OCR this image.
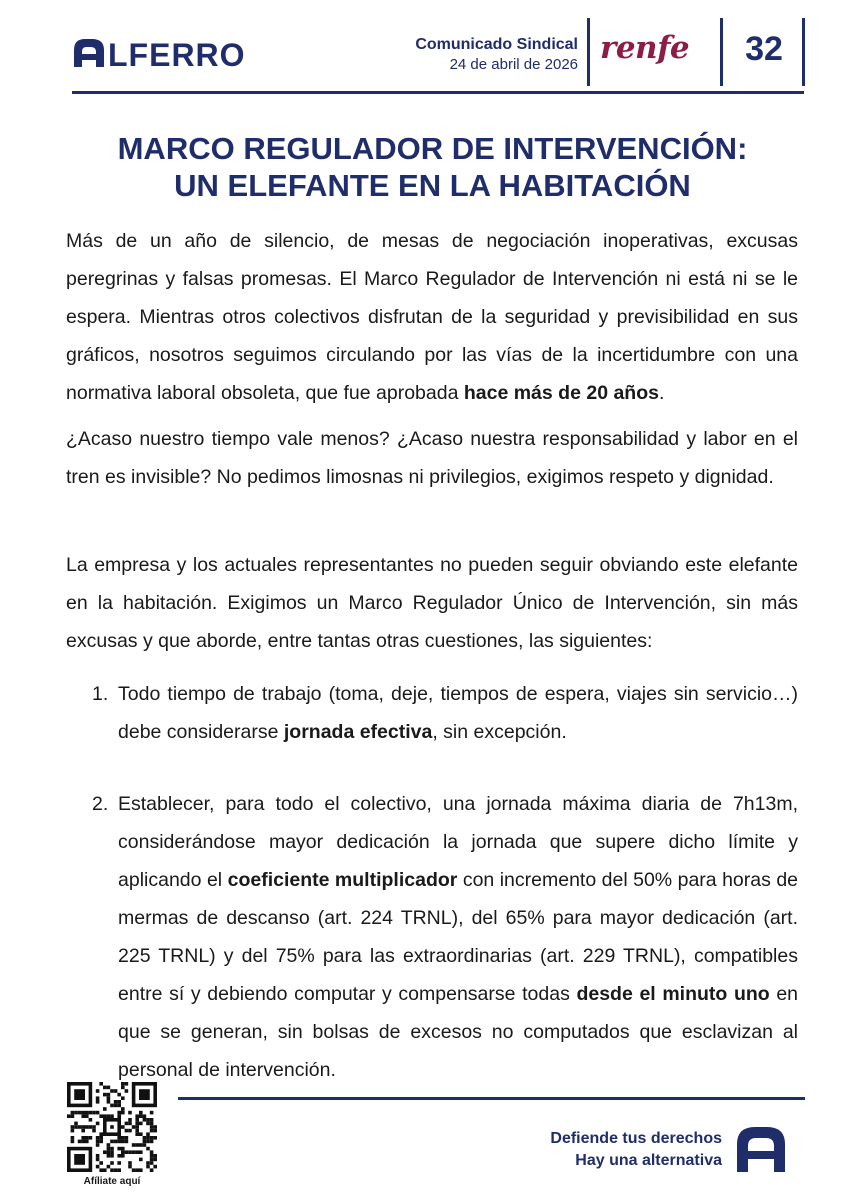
LFERRO	Comunicado Sindical
24 de abril de 2026 renfe	32
MARCO REGULADOR DE INTERVENCIÓN:
UN ELEFANTE EN LA HABITACIÓN
Más de un año de silencio, de mesas de negociación inoperativas, excusas peregrinas y falsas promesas. El Marco Regulador de Intervención ni está ni se le espera. Mientras otros colectivos disfrutan de la seguridad y previsibilidad en sus gráficos, nosotros seguimos circulando por las vías de la incertidumbre con una normativa laboral obsoleta, que fue aprobada hace más de 20 años.
¿Acaso nuestro tiempo vale menos? ¿Acaso nuestra responsabilidad y labor en el tren es invisible? No pedimos limosnas ni privilegios, exigimos respeto y dignidad.
La empresa y los actuales representantes no pueden seguir obviando este elefante en la habitación. Exigimos un Marco Regulador Único de Intervención, sin más excusas y que aborde, entre tantas otras cuestiones, las siguientes:
1. Todo tiempo de trabajo (toma, deje, tiempos de espera, viajes sin servicio…) debe considerarse jornada efectiva, sin excepción.
2. Establecer, para todo el colectivo, una jornada máxima diaria de 7h13m, considerándose mayor dedicación la jornada que supere dicho límite y aplicando el coeficiente multiplicador con incremento del 50% para horas de mermas de descanso (art. 224 TRNL), del 65% para mayor dedicación (art. 225 TRNL) y del 75% para las extraordinarias (art. 229 TRNL), compatibles entre sí y debiendo computar y compensarse todas desde el minuto uno en que se generan, sin bolsas de excesos no computados que esclavizan al personal de intervención.
Afíliate aquí
Defiende tus derechos
Hay una alternativa
